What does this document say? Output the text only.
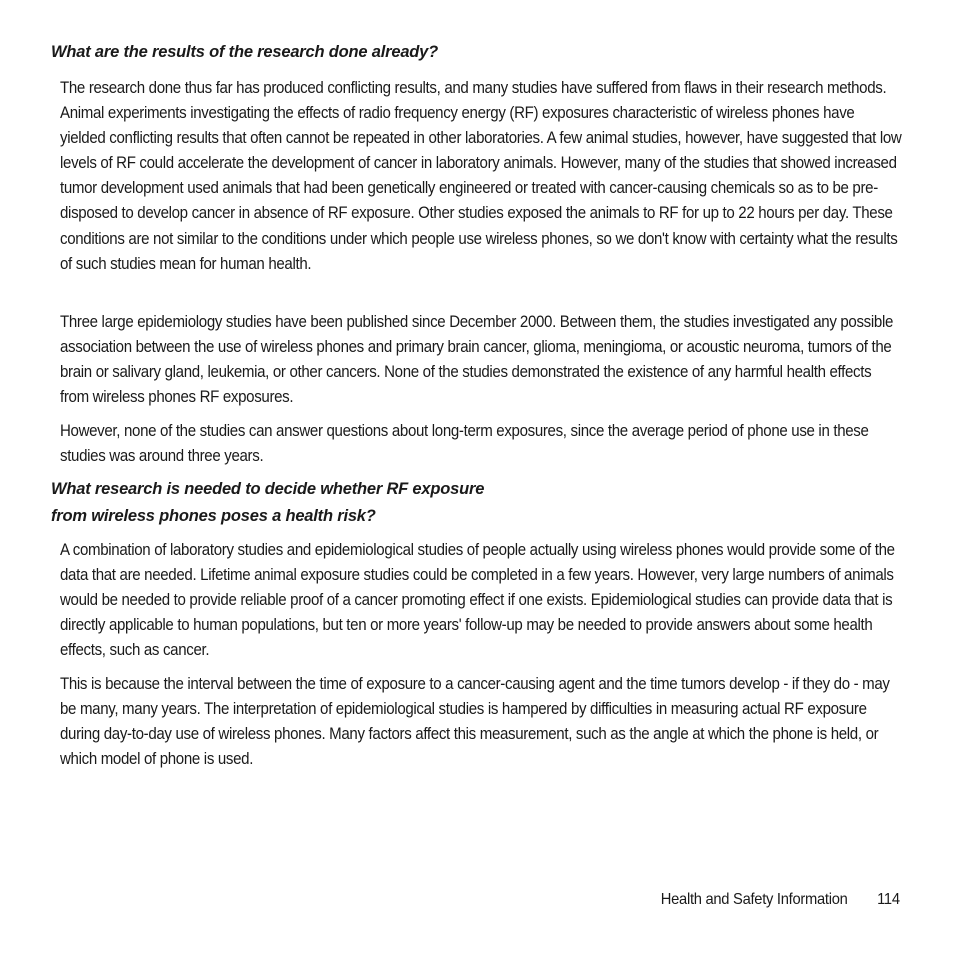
What are the results of the research done already?

The research done thus far has produced conflicting results, and many studies have suffered from flaws in their research methods. Animal experiments investigating the effects of radio frequency energy (RF) exposures characteristic of wireless phones have yielded conflicting results that often cannot be repeated in other laboratories. A few animal studies, however, have suggested that low levels of RF could accelerate the development of cancer in laboratory animals. However, many of the studies that showed increased tumor development used animals that had been genetically engineered or treated with cancer-causing chemicals so as to be pre-disposed to develop cancer in absence of RF exposure. Other studies exposed the animals to RF for up to 22 hours per day. These conditions are not similar to the conditions under which people use wireless phones, so we don't know with certainty what the results of such studies mean for human health.

Three large epidemiology studies have been published since December 2000. Between them, the studies investigated any possible association between the use of wireless phones and primary brain cancer, glioma, meningioma, or acoustic neuroma, tumors of the brain or salivary gland, leukemia, or other cancers. None of the studies demonstrated the existence of any harmful health effects from wireless phones RF exposures.

However, none of the studies can answer questions about long-term exposures, since the average period of phone use in these studies was around three years.

What research is needed to decide whether RF exposure
from wireless phones poses a health risk?

A combination of laboratory studies and epidemiological studies of people actually using wireless phones would provide some of the data that are needed. Lifetime animal exposure studies could be completed in a few years. However, very large numbers of animals would be needed to provide reliable proof of a cancer promoting effect if one exists. Epidemiological studies can provide data that is directly applicable to human populations, but ten or more years' follow-up may be needed to provide answers about some health effects, such as cancer.

This is because the interval between the time of exposure to a cancer-causing agent and the time tumors develop - if they do - may be many, many years. The interpretation of epidemiological studies is hampered by difficulties in measuring actual RF exposure during day-to-day use of wireless phones. Many factors affect this measurement, such as the angle at which the phone is held, or which model of phone is used.

Health and Safety Information 114
